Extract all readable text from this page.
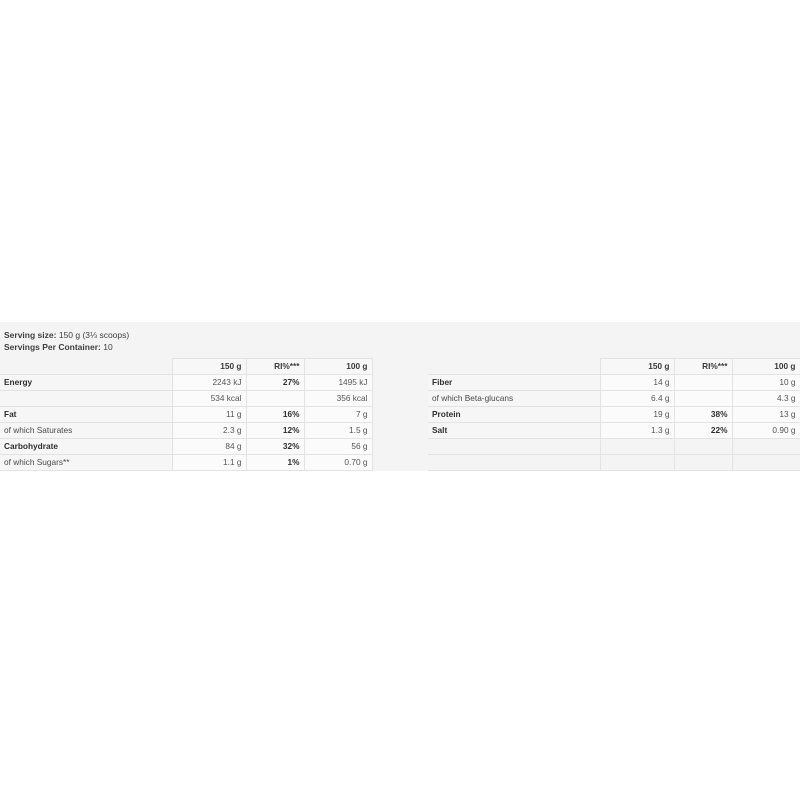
Serving size: 150 g (3⅓ scoops)
Servings Per Container: 10
	150 g	RI%***	100 g
Energy	2243 kJ	27%	1495 kJ
	534 kcal		356 kcal
Fat	11 g	16%	7 g
of which Saturates	2.3 g	12%	1.5 g
Carbohydrate	84 g	32%	56 g
of which Sugars**	1.1 g	1%	0.70 g
	150 g	RI%***	100 g
Fiber	14 g		10 g
of which Beta-glucans	6.4 g		4.3 g
Protein	19 g	38%	13 g
Salt	1.3 g	22%	0.90 g
